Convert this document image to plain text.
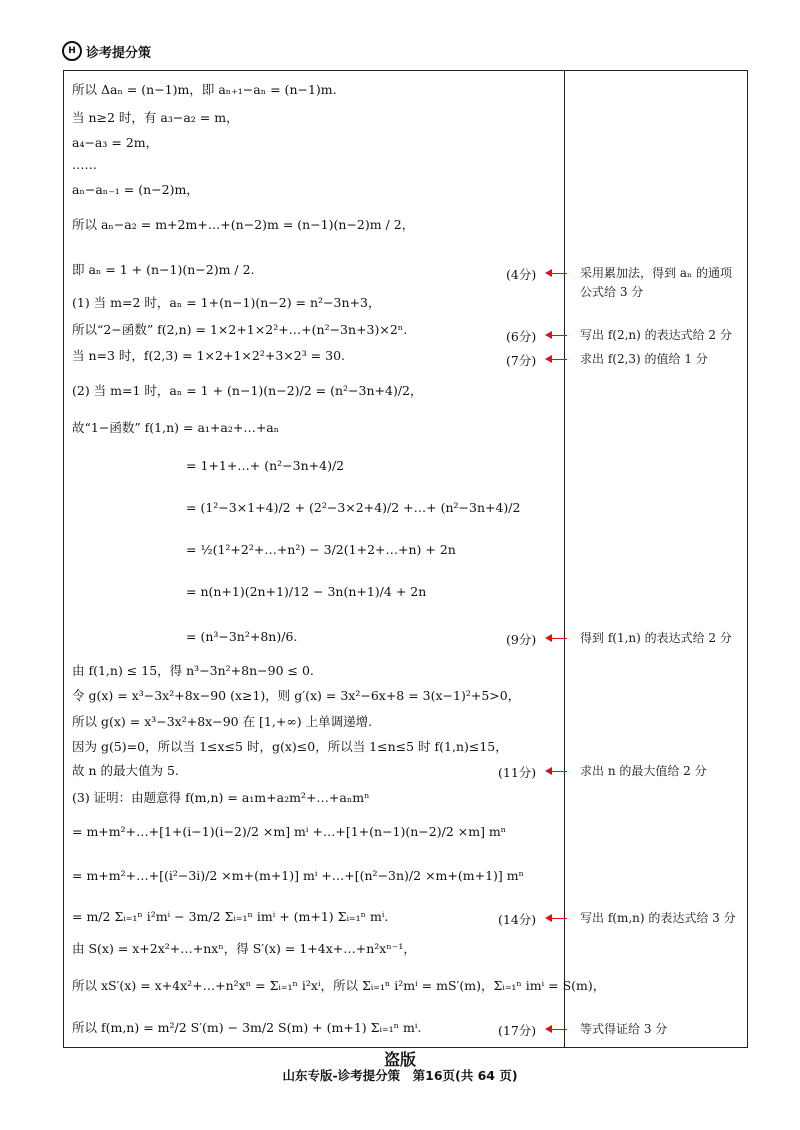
H 诊考提分策
所以 Δaₙ = (n−1)m，即 aₙ₊₁−aₙ = (n−1)m.
当 n≥2 时，有 a₃−a₂ = m，
a₄−a₃ = 2m，
……
aₙ−aₙ₋₁ = (n−2)m，
所以 aₙ−a₂ = m+2m+…+(n−2)m = (n−1)(n−2)m / 2，
即 aₙ = 1 + (n−1)(n−2)m / 2.
(1) 当 m=2 时，aₙ = 1+(n−1)(n−2) = n²−3n+3，
所以“2−函数” f(2,n) = 1×2+1×2²+…+(n²−3n+3)×2ⁿ.
当 n=3 时，f(2,3) = 1×2+1×2²+3×2³ = 30.
(2) 当 m=1 时，aₙ = 1 + (n−1)(n−2)/2 = (n²−3n+4)/2，
故“1−函数” f(1,n) = a₁+a₂+…+aₙ
= 1+1+…+ (n²−3n+4)/2
= (1²−3×1+4)/2 + (2²−3×2+4)/2 +…+ (n²−3n+4)/2
= ½(1²+2²+…+n²) − 3/2(1+2+…+n) + 2n
= n(n+1)(2n+1)/12 − 3n(n+1)/4 + 2n
= (n³−3n²+8n)/6.
由 f(1,n) ≤ 15，得 n³−3n²+8n−90 ≤ 0.
令 g(x) = x³−3x²+8x−90 (x≥1)，则 g′(x) = 3x²−6x+8 = 3(x−1)²+5>0，
所以 g(x) = x³−3x²+8x−90 在 [1,+∞) 上单调递增.
因为 g(5)=0，所以当 1≤x≤5 时，g(x)≤0，所以当 1≤n≤5 时 f(1,n)≤15，
故 n 的最大值为 5.
(3) 证明：由题意得 f(m,n) = a₁m+a₂m²+…+aₙmⁿ
= m+m²+…+[1+(i−1)(i−2)/2 ×m] mⁱ +…+[1+(n−1)(n−2)/2 ×m] mⁿ
= m+m²+…+[(i²−3i)/2 ×m+(m+1)] mⁱ +…+[(n²−3n)/2 ×m+(m+1)] mⁿ
= m/2 Σᵢ₌₁ⁿ i²mⁱ − 3m/2 Σᵢ₌₁ⁿ imⁱ + (m+1) Σᵢ₌₁ⁿ mⁱ.
由 S(x) = x+2x²+…+nxⁿ，得 S′(x) = 1+4x+…+n²xⁿ⁻¹，
所以 xS′(x) = x+4x²+…+n²xⁿ = Σᵢ₌₁ⁿ i²xⁱ，所以 Σᵢ₌₁ⁿ i²mⁱ = mS′(m)，Σᵢ₌₁ⁿ imⁱ = S(m)，
所以 f(m,n) = m²/2 S′(m) − 3m/2 S(m) + (m+1) Σᵢ₌₁ⁿ mⁱ.
(4分)	采用累加法，得到 aₙ 的通项公式给 3 分
(6分)	写出 f(2,n) 的表达式给 2 分
(7分)	求出 f(2,3) 的值给 1 分
(9分)	得到 f(1,n) 的表达式给 2 分
(11分)	求出 n 的最大值给 2 分
(14分)	写出 f(m,n) 的表达式给 3 分
(17分)	等式得证给 3 分
盗版
山东专版-诊考提分策　第16页(共 64 页)
